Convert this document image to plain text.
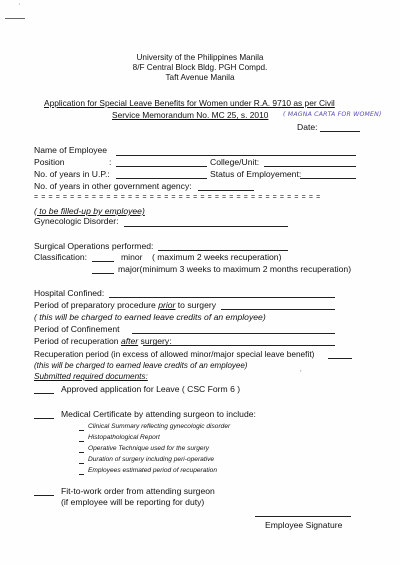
'
University of the Philippines Manila
8/F Central Block Bldg. PGH Compd.
Taft Avenue Manila
Application for Special Leave Benefits for Women under R.A. 9710 as per Civil
Service Memorandum No. MC 25, s. 2010 ( MAGNA CARTA FOR WOMEN)
Date:
Name of Employee
Position	:	College/Unit:
No. of years in U.P.:	Status of Employement:
No. of years in other government agency:
= = = = = = = = = = = = = = = = = = = = = = = = = = = = = = = = = = = = = = = =
( to be filled-up by employee)
Gynecologic Disorder:
Surgical Operations performed:
Classification:	minor ( maximum 2 weeks recuperation)
major(minimum 3 weeks to maximum 2 months recuperation)
Hospital Confined:
Period of preparatory procedure prior to surgery
( this will be charged to earned leave credits of an employee)
Period of Confinement
Period of recuperation after surgery:
Recuperation period (in excess of allowed minor/major special leave benefit)
(this will be charged to earned leave credits of an employee)	,
Submitted required documents:
Approved application for Leave ( CSC Form 6 )
Medical Certificate by attending surgeon to include:
Clinical Summary reflecting gynecologic disorder
Histopathological Report
Operative Technique used for the surgery
Duration of surgery including peri-operative
Employees estimated period of recuperation
Fit-to-work order from attending surgeon
(if employee will be reporting for duty)
Employee Signature
